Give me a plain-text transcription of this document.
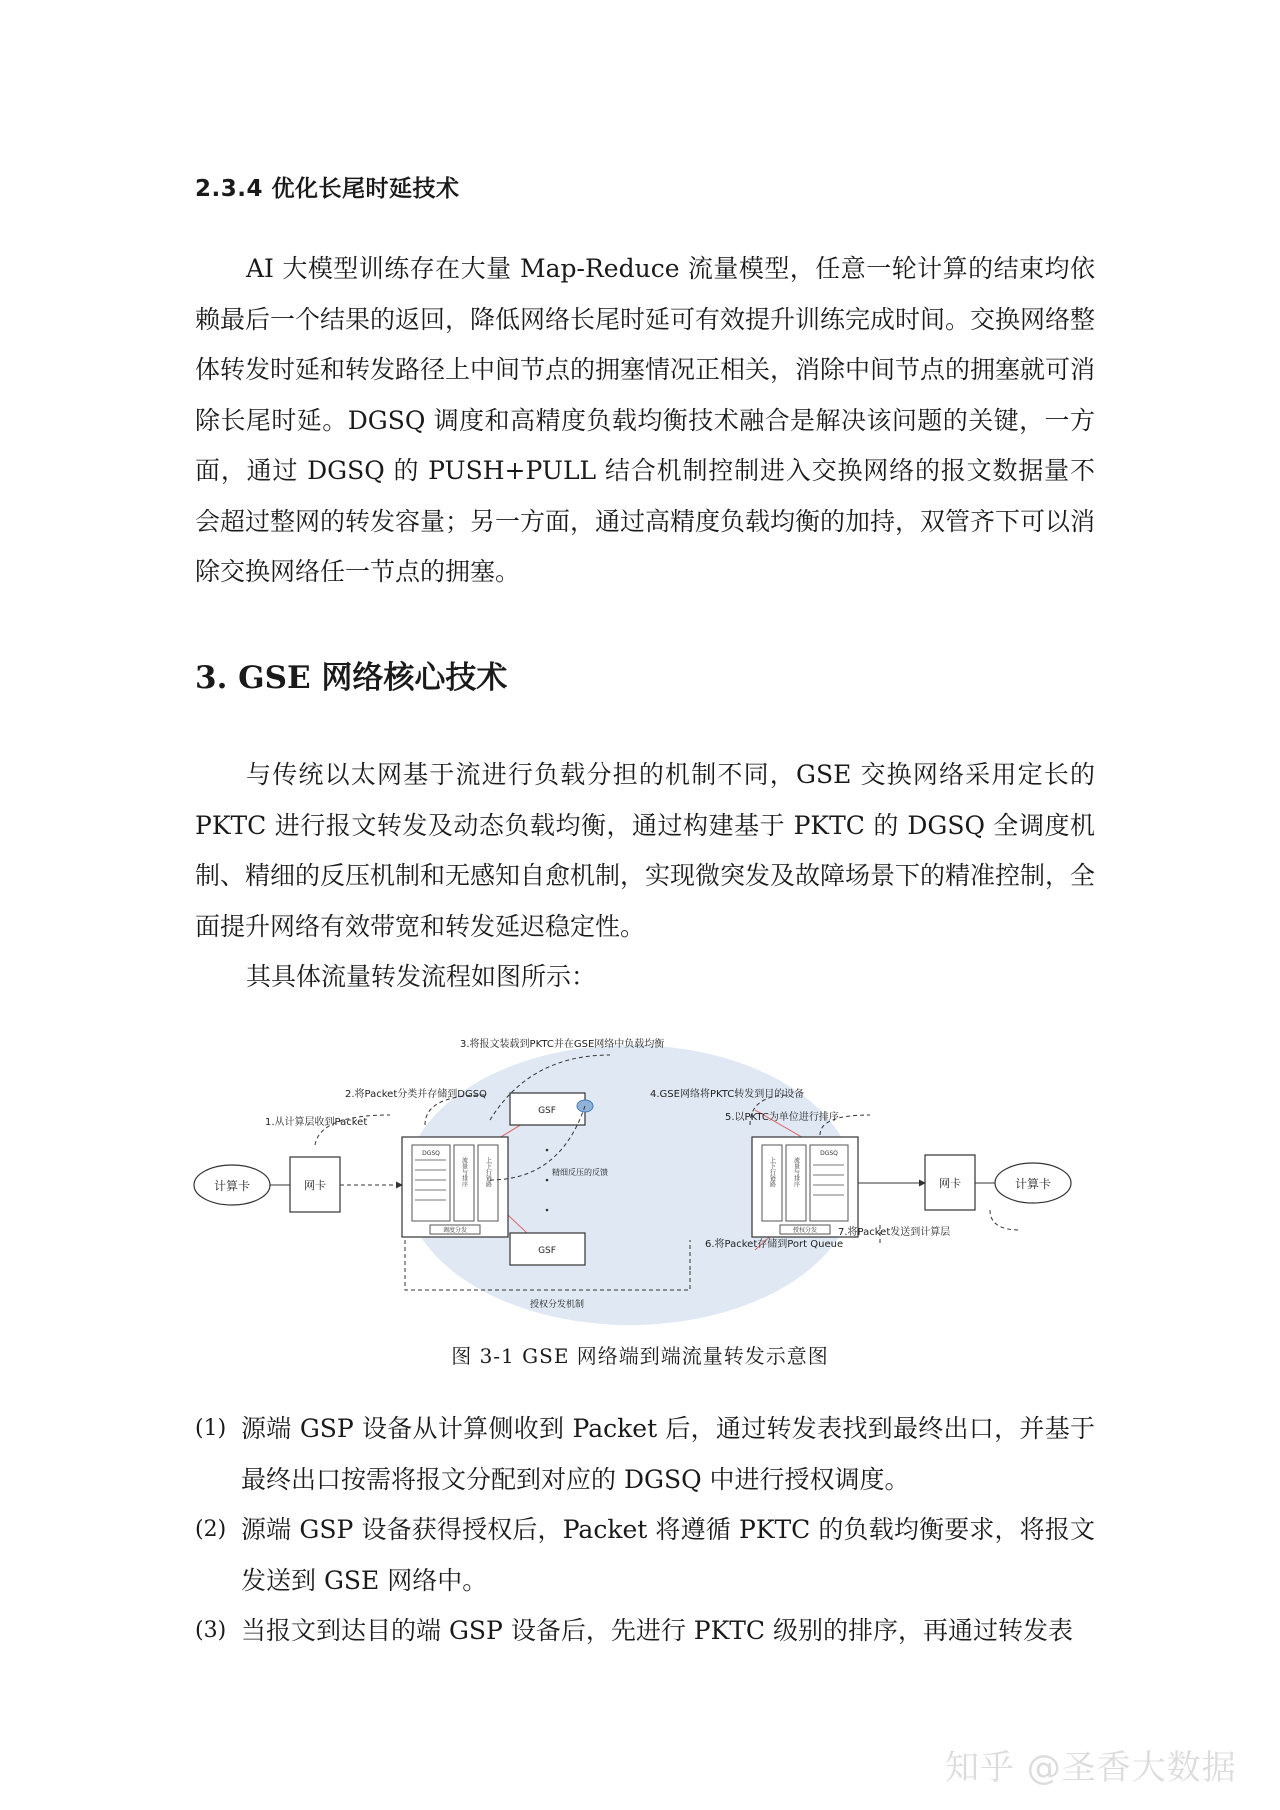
2.3.4 优化长尾时延技术

AI 大模型训练存在大量 Map-Reduce 流量模型，任意一轮计算的结束均依赖最后一个结果的返回，降低网络长尾时延可有效提升训练完成时间。交换网络整体转发时延和转发路径上中间节点的拥塞情况正相关，消除中间节点的拥塞就可消除长尾时延。DGSQ 调度和高精度负载均衡技术融合是解决该问题的关键，一方面，通过 DGSQ 的 PUSH+PULL 结合机制控制进入交换网络的报文数据量不会超过整网的转发容量；另一方面，通过高精度负载均衡的加持，双管齐下可以消除交换网络任一节点的拥塞。

3. GSE 网络核心技术

与传统以太网基于流进行负载分担的机制不同，GSE 交换网络采用定长的 PKTC 进行报文转发及动态负载均衡，通过构建基于 PKTC 的 DGSQ 全调度机制、精细的反压机制和无感知自愈机制，实现微突发及故障场景下的精准控制，全面提升网络有效带宽和转发延迟稳定性。

其具体流量转发流程如图所示：

计算卡	网卡
DGSQ
流量与排序	上下行链路
调度分发
上下行链路	流量与排序
DGSQ
授权分发
GSF
GSF
网卡	计算卡
1.从计算层收到Packet
2.将Packet分类并存储到DGSQ
3.将报文装载到PKTC并在GSE网络中负载均衡
4.GSE网络将PKTC转发到目的设备
5.以PKTC为单位进行排序
精细反压的反馈
6.将Packet存储到Port Queue
7.将Packet发送到计算层
授权分发机制
图 3-1 GSE 网络端到端流量转发示意图
(1) 源端 GSP 设备从计算侧收到 Packet 后，通过转发表找到最终出口，并基于最终出口按需将报文分配到对应的 DGSQ 中进行授权调度。
(2) 源端 GSP 设备获得授权后，Packet 将遵循 PKTC 的负载均衡要求，将报文发送到 GSE 网络中。
(3) 当报文到达目的端 GSP 设备后，先进行 PKTC 级别的排序，再通过转发表
知乎 @圣香大数据
